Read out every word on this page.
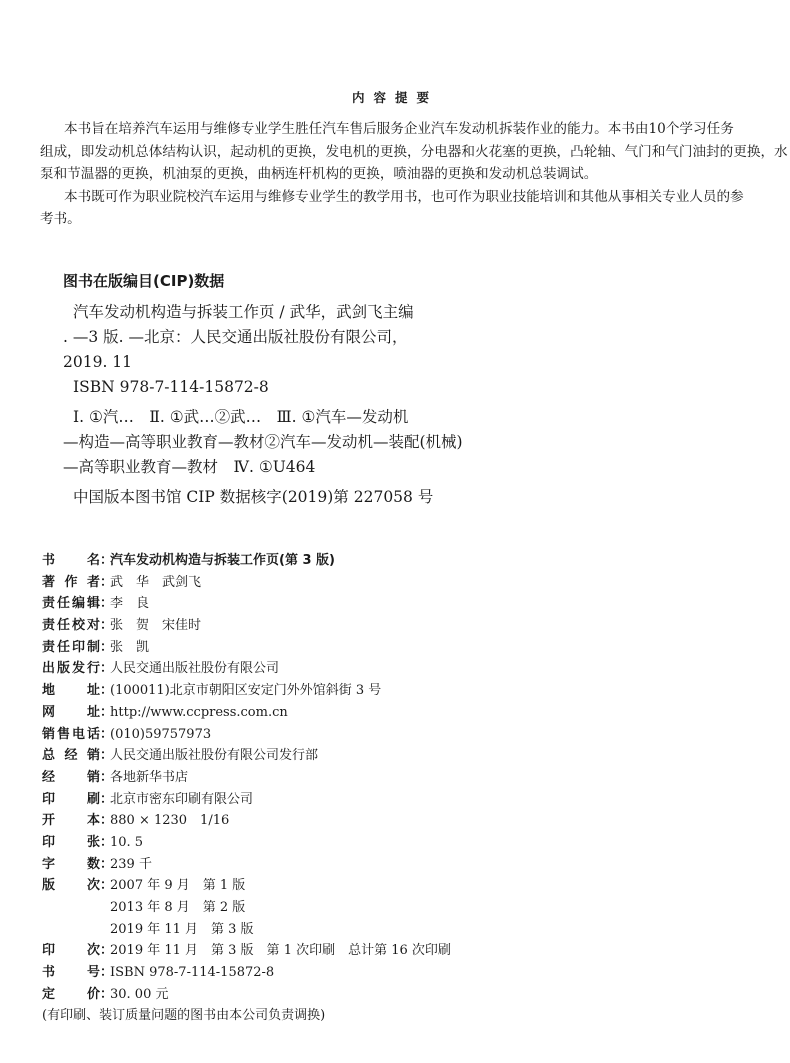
内容提要
本书旨在培养汽车运用与维修专业学生胜任汽车售后服务企业汽车发动机拆装作业的能力。本书由10个学习任务
组成，即发动机总体结构认识，起动机的更换，发电机的更换，分电器和火花塞的更换，凸轮轴、气门和气门油封的更换，水
泵和节温器的更换，机油泵的更换，曲柄连杆机构的更换，喷油器的更换和发动机总装调试。
本书既可作为职业院校汽车运用与维修专业学生的教学用书，也可作为职业技能培训和其他从事相关专业人员的参
考书。
图书在版编目(CIP)数据
汽车发动机构造与拆装工作页 / 武华，武剑飞主编
. —3 版. —北京：人民交通出版社股份有限公司，
2019. 11
ISBN 978-7-114-15872-8
Ⅰ. ①汽…　Ⅱ. ①武…②武…　Ⅲ. ①汽车—发动机
—构造—高等职业教育—教材②汽车—发动机—装配(机械)
—高等职业教育—教材　Ⅳ. ①U464
中国版本图书馆 CIP 数据核字(2019)第 227058 号
书名 ：
汽车发动机构造与拆装工作页(第 3 版)
著作者 ：
武　华　武剑飞
责任编辑 ：
李　良
责任校对 ：
张　贺　宋佳时
责任印制 ：
张　凯
出版发行 ：
人民交通出版社股份有限公司
地址 ：
(100011)北京市朝阳区安定门外外馆斜街 3 号
网址 ：
http://www.ccpress.com.cn
销售电话 ：
(010)59757973
总经销 ：
人民交通出版社股份有限公司发行部
经销 ：
各地新华书店
印刷 ：
北京市密东印刷有限公司
开本 ：
880 × 1230　1/16
印张 ：
10. 5
字数 ：
239 千
版次 ：
2007 年 9 月　第 1 版
2013 年 8 月　第 2 版
2019 年 11 月　第 3 版
印次 ：
2019 年 11 月　第 3 版　第 1 次印刷　总计第 16 次印刷
书号 ：
ISBN 978-7-114-15872-8
定价 ：
30. 00 元
(有印刷、装订质量问题的图书由本公司负责调换)
